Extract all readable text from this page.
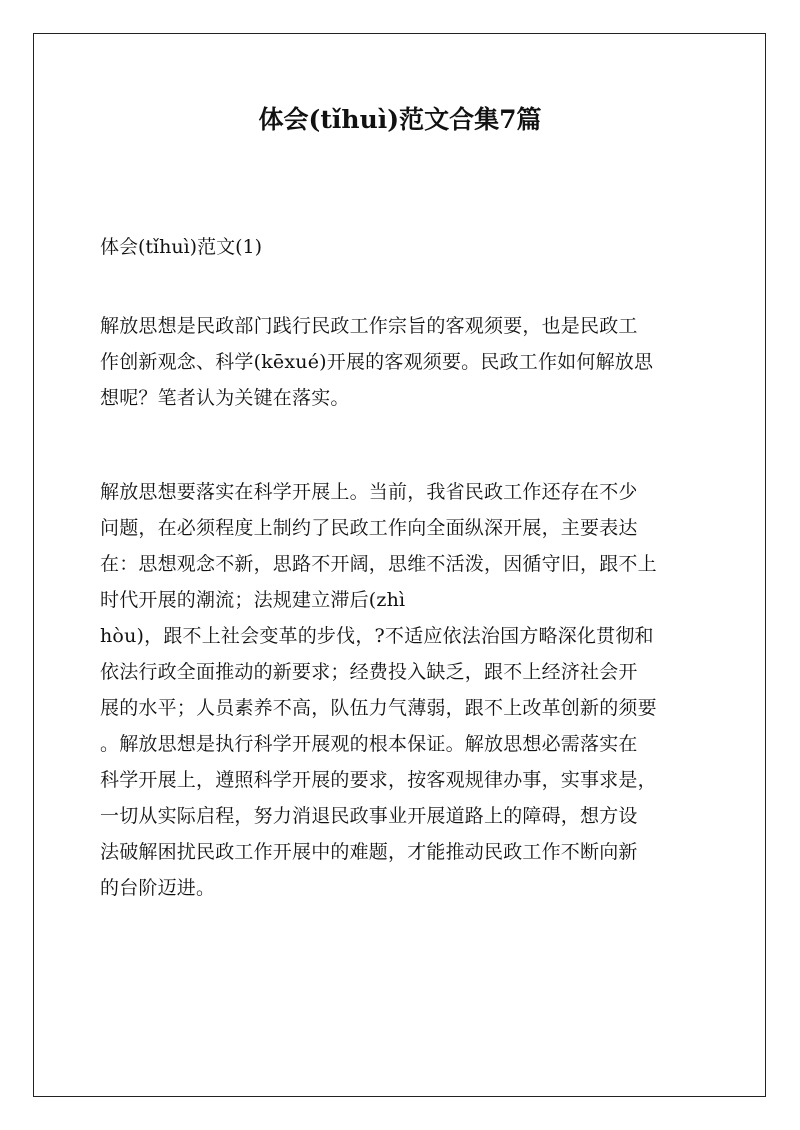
体会(tǐhuì)范文合集7篇
体会(tǐhuì)范文(1)
解放思想是民政部门践行民政工作宗旨的客观须要，也是民政工
作创新观念、科学(kēxué)开展的客观须要。民政工作如何解放思
想呢？笔者认为关键在落实。
解放思想要落实在科学开展上。当前，我省民政工作还存在不少
问题，在必须程度上制约了民政工作向全面纵深开展，主要表达
在：思想观念不新，思路不开阔，思维不活泼，因循守旧，跟不上
时代开展的潮流；法规建立滞后(zhì
hòu)，跟不上社会变革的步伐，?不适应依法治国方略深化贯彻和
依法行政全面推动的新要求；经费投入缺乏，跟不上经济社会开
展的水平；人员素养不高，队伍力气薄弱，跟不上改革创新的须要
。解放思想是执行科学开展观的根本保证。解放思想必需落实在
科学开展上，遵照科学开展的要求，按客观规律办事，实事求是，
一切从实际启程，努力消退民政事业开展道路上的障碍，想方设
法破解困扰民政工作开展中的难题，才能推动民政工作不断向新
的台阶迈进。
